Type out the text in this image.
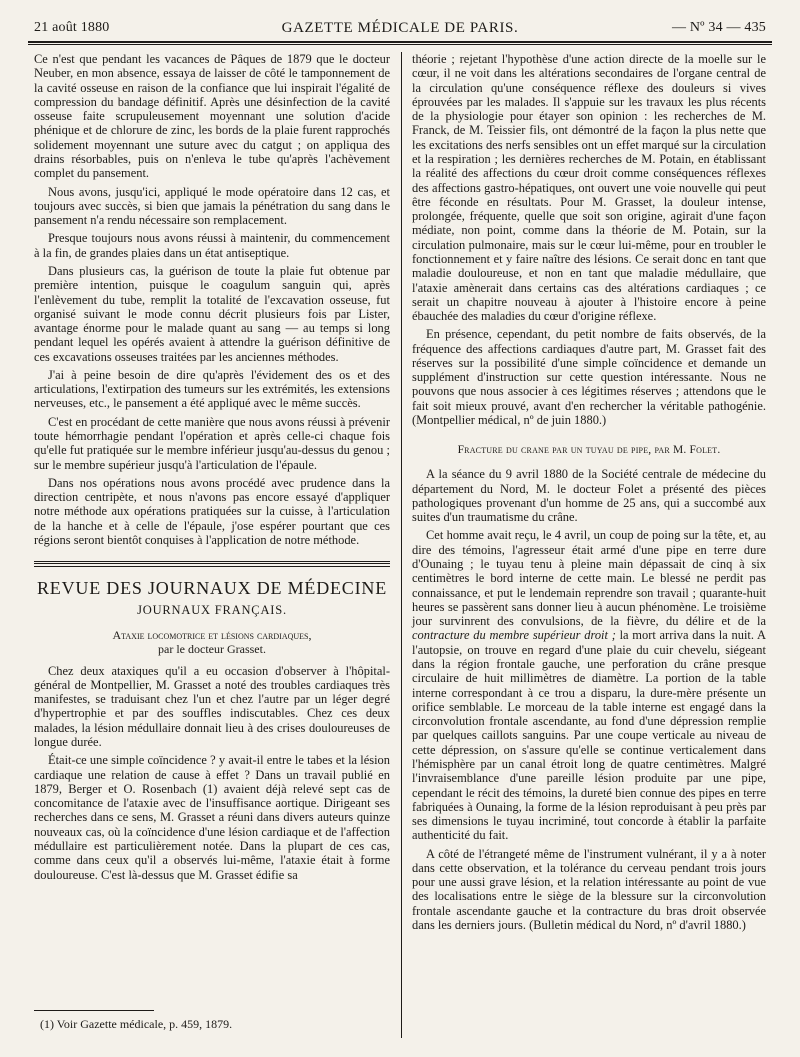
21 août 1880	GAZETTE MÉDICALE DE PARIS.	— Nº 34 — 435

Ce n'est que pendant les vacances de Pâques de 1879 que le docteur Neuber, en mon absence, essaya de laisser de côté le tamponnement de la cavité osseuse en raison de la confiance que lui inspirait l'égalité de compression du bandage définitif. Après une désinfection de la cavité osseuse faite scrupuleusement moyennant une solution d'acide phénique et de chlorure de zinc, les bords de la plaie furent rapprochés solidement moyennant une suture avec du catgut ; on appliqua des drains résorbables, puis on n'enleva le tube qu'après l'achèvement complet du pansement.

Nous avons, jusqu'ici, appliqué le mode opératoire dans 12 cas, et toujours avec succès, si bien que jamais la pénétration du sang dans le pansement n'a rendu nécessaire son remplacement.

Presque toujours nous avons réussi à maintenir, du commencement à la fin, de grandes plaies dans un état antiseptique.

Dans plusieurs cas, la guérison de toute la plaie fut obtenue par première intention, puisque le coagulum sanguin qui, après l'enlèvement du tube, remplit la totalité de l'excavation osseuse, fut organisé suivant le mode connu décrit plusieurs fois par Lister, avantage énorme pour le malade quant au sang — au temps si long pendant lequel les opérés avaient à attendre la guérison définitive de ces excavations osseuses traitées par les anciennes méthodes.

J'ai à peine besoin de dire qu'après l'évidement des os et des articulations, l'extirpation des tumeurs sur les extrémités, les extensions nerveuses, etc., le pansement a été appliqué avec le même succès.

C'est en procédant de cette manière que nous avons réussi à prévenir toute hémorrhagie pendant l'opération et après celle-ci chaque fois qu'elle fut pratiquée sur le membre inférieur jusqu'au-dessus du genou ; sur le membre supérieur jusqu'à l'articulation de l'épaule.

Dans nos opérations nous avons procédé avec prudence dans la direction centripète, et nous n'avons pas encore essayé d'appliquer notre méthode aux opérations pratiquées sur la cuisse, à l'articulation de la hanche et à celle de l'épaule, j'ose espérer pourtant que ces régions seront bientôt conquises à l'application de notre méthode.

REVUE DES JOURNAUX DE MÉDECINE
JOURNAUX FRANÇAIS.
Ataxie locomotrice et lésions cardiaques,
par le docteur Grasset.

Chez deux ataxiques qu'il a eu occasion d'observer à l'hôpital-général de Montpellier, M. Grasset a noté des troubles cardiaques très manifestes, se traduisant chez l'un et chez l'autre par un léger degré d'hypertrophie et par des souffles indiscutables. Chez ces deux malades, la lésion médullaire donnait lieu à des crises douloureuses de longue durée.

Était-ce une simple coïncidence ? y avait-il entre le tabes et la lésion cardiaque une relation de cause à effet ? Dans un travail publié en 1879, Berger et O. Rosenbach (1) avaient déjà relevé sept cas de concomitance de l'ataxie avec de l'insuffisance aortique. Dirigeant ses recherches dans ce sens, M. Grasset a réuni dans divers auteurs quinze nouveaux cas, où la coïncidence d'une lésion cardiaque et de l'affection médullaire est particulièrement notée. Dans la plupart de ces cas, comme dans ceux qu'il a observés lui-même, l'ataxie était à forme douloureuse. C'est là-dessus que M. Grasset édifie sa

théorie ; rejetant l'hypothèse d'une action directe de la moelle sur le cœur, il ne voit dans les altérations secondaires de l'organe central de la circulation qu'une conséquence réflexe des douleurs si vives éprouvées par les malades. Il s'appuie sur les travaux les plus récents de la physiologie pour étayer son opinion : les recherches de M. Franck, de M. Teissier fils, ont démontré de la façon la plus nette que les excitations des nerfs sensibles ont un effet marqué sur la circulation et la respiration ; les dernières recherches de M. Potain, en établissant la réalité des affections du cœur droit comme conséquences réflexes des affections gastro-hépatiques, ont ouvert une voie nouvelle qui peut être féconde en résultats. Pour M. Grasset, la douleur intense, prolongée, fréquente, quelle que soit son origine, agirait d'une façon médiate, non point, comme dans la théorie de M. Potain, sur la circulation pulmonaire, mais sur le cœur lui-même, pour en troubler le fonctionnement et y faire naître des lésions. Ce serait donc en tant que maladie douloureuse, et non en tant que maladie médullaire, que l'ataxie amènerait dans certains cas des altérations cardiaques ; ce serait un chapitre nouveau à ajouter à l'histoire encore à peine ébauchée des maladies du cœur d'origine réflexe.

En présence, cependant, du petit nombre de faits observés, de la fréquence des affections cardiaques d'autre part, M. Grasset fait des réserves sur la possibilité d'une simple coïncidence et demande un supplément d'instruction sur cette question intéressante. Nous ne pouvons que nous associer à ces légitimes réserves ; attendons que le fait soit mieux prouvé, avant d'en rechercher la véritable pathogénie. (Montpellier médical, nº de juin 1880.)

Fracture du crane par un tuyau de pipe, par M. Folet.

A la séance du 9 avril 1880 de la Société centrale de médecine du département du Nord, M. le docteur Folet a présenté des pièces pathologiques provenant d'un homme de 25 ans, qui a succombé aux suites d'un traumatisme du crâne.

Cet homme avait reçu, le 4 avril, un coup de poing sur la tête, et, au dire des témoins, l'agresseur était armé d'une pipe en terre dure d'Ounaing ; le tuyau tenu à pleine main dépassait de cinq à six centimètres le bord interne de cette main. Le blessé ne perdit pas connaissance, et put le lendemain reprendre son travail ; quarante-huit heures se passèrent sans donner lieu à aucun phénomène. Le troisième jour survinrent des convulsions, de la fièvre, du délire et de la contracture du membre supérieur droit ; la mort arriva dans la nuit. A l'autopsie, on trouve en regard d'une plaie du cuir chevelu, siégeant dans la région frontale gauche, une perforation du crâne presque circulaire de huit millimètres de diamètre. La portion de la table interne correspondant à ce trou a disparu, la dure-mère présente un orifice semblable. Le morceau de la table interne est engagé dans la circonvolution frontale ascendante, au fond d'une dépression remplie par quelques caillots sanguins. Par une coupe verticale au niveau de cette dépression, on s'assure qu'elle se continue verticalement dans l'hémisphère par un canal étroit long de quatre centimètres. Malgré l'invraisemblance d'une pareille lésion produite par une pipe, cependant le récit des témoins, la dureté bien connue des pipes en terre fabriquées à Ounaing, la forme de la lésion reproduisant à peu près par ses dimensions le tuyau incriminé, tout concorde à établir la parfaite authenticité du fait.

A côté de l'étrangeté même de l'instrument vulnérant, il y a à noter dans cette observation, et la tolérance du cerveau pendant trois jours pour une aussi grave lésion, et la relation intéressante au point de vue des localisations entre le siège de la blessure sur la circonvolution frontale ascendante gauche et la contracture du bras droit observée dans les derniers jours. (Bulletin médical du Nord, nº d'avril 1880.)

(1) Voir Gazette médicale, p. 459, 1879.
